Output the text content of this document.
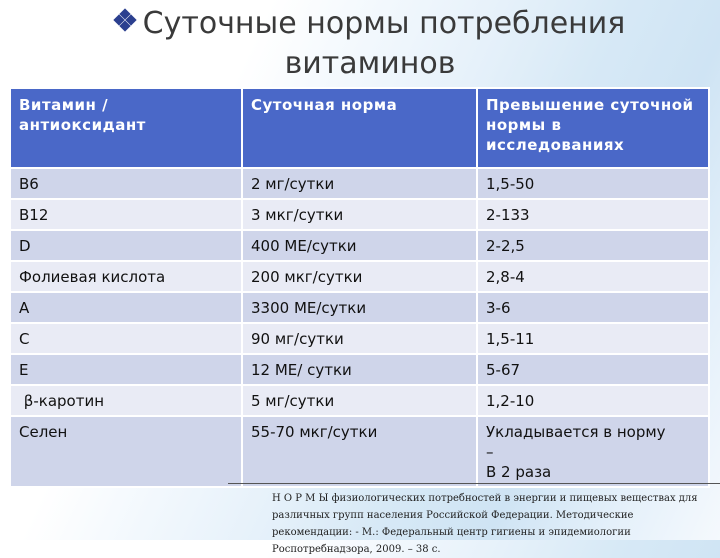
Суточные нормы потребления
витаминов
Витамин / антиоксидант	Суточная норма	Превышение суточной нормы в исследованиях
В6	2 мг/сутки	1,5-50
В12	3 мкг/сутки	2-133
D	400 МЕ/сутки	2-2,5
Фолиевая кислота	200 мкг/сутки	2,8-4
А	3300 МЕ/сутки	3-6
С	90 мг/сутки	1,5-11
Е	12 МЕ/ сутки	5-67
β-каротин	5 мг/сутки	1,2-10
Селен	55-70 мкг/сутки	Укладывается в норму
–
В 2 раза
Н О Р М Ы физиологических потребностей в энергии и пищевых веществах для различных групп населения Российской Федерации. Методические рекомендации: - М.: Федеральный центр гигиены и эпидемиологии Роспотребнадзора, 2009. – 38 с.
